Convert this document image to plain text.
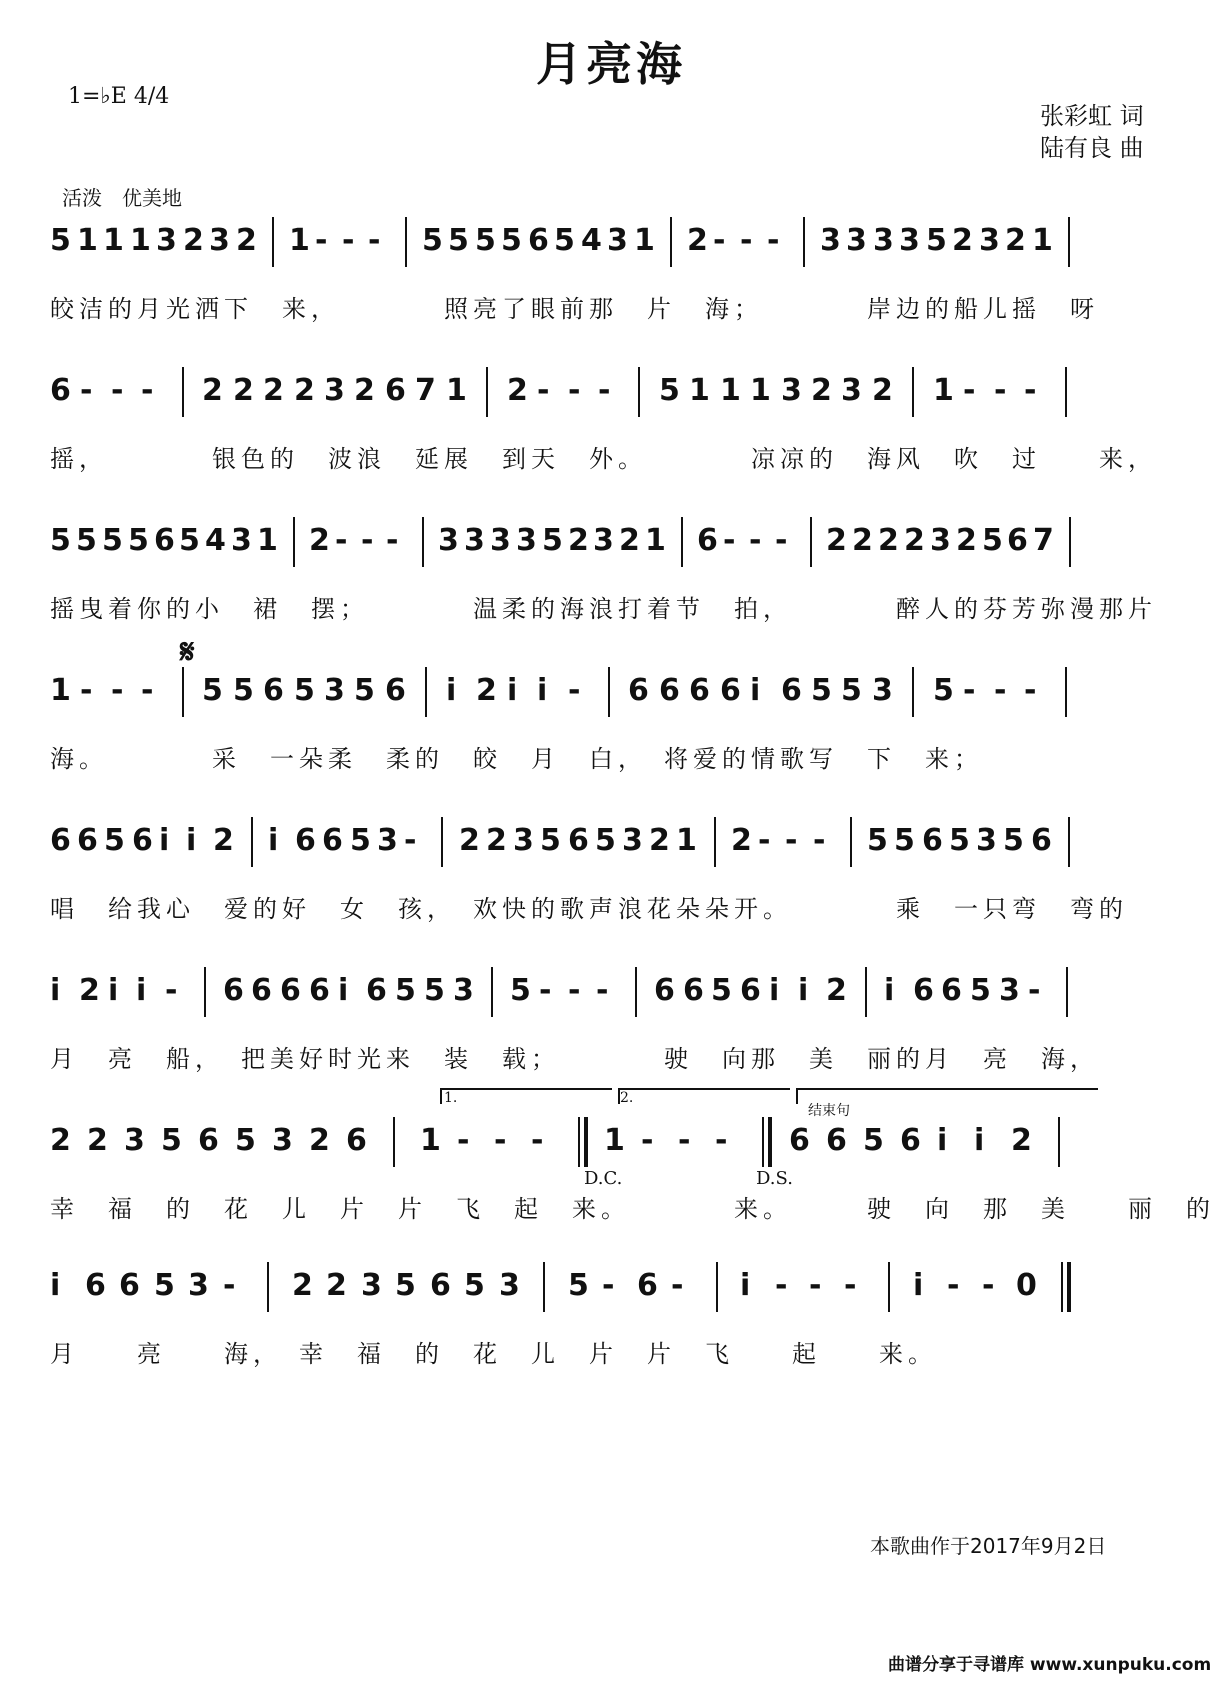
月亮海
1=♭E 4/4
张彩虹 词
陆有良 曲
活泼　优美地
5 1 1 1 3 2 3 2 1 - - - 5 5 5 5 6 5 4 3 1 2 - - - 3 3 3 3 5 2 3 2 1
皎洁的月光洒下　来，　　　　照亮了眼前那　片　海；　　　　岸边的船儿摇　呀
6 - - - 2 2 2 2 3 2 6 7 1 2 - - - 5 1 1 1 3 2 3 2 1 - - -
摇，　　　　银色的　波浪　延展　到天　外。　　　　凉凉的　海风　吹　过　　来，
5 5 5 5 6 5 4 3 1 2 - - - 3 3 3 3 5 2 3 2 1 6 - - - 2 2 2 2 3 2 5 6 7
摇曳着你的小　裙　摆；　　　　温柔的海浪打着节　拍，　　　　醉人的芬芳弥漫那片
1 - - - 5 5 6 5 3 5 6 i 2 i i - 6 6 6 6 i 6 5 5 3 5 - - -
海。　　　　采　一朵柔　柔的　皎　月　白，　将爱的情歌写　下　来；
6 6 5 6 i i 2 i 6 6 5 3 - 2 2 3 5 6 5 3 2 1 2 - - - 5 5 6 5 3 5 6
唱　给我心　爱的好　女　孩，　欢快的歌声浪花朵朵开。　　　　乘　一只弯　弯的
i 2 i i - 6 6 6 6 i 6 5 5 3 5 - - - 6 6 5 6 i i 2 i 6 6 5 3 -
月　亮　船，　把美好时光来　装　载；　　　　驶　向那　美　丽的月　亮　海，
2 2 3 5 6 5 3 2 6 1 - - - 1 - - - 6 6 5 6 i i 2
幸　福　的　花　儿　片　片　飞　起　来。　　　　来。　　　驶　向　那　美　　丽　的
i 6 6 5 3 - 2 2 3 5 6 5 3 5 - 6 - i - - - i - - 0
月　　亮　　海，　幸　福　的　花　儿　片　片　飞　　起　　来。
𝄋
1.	2.
结束句
D.C.	D.S.
本歌曲作于2017年9月2日
曲谱分享于寻谱库 www.xunpuku.com
